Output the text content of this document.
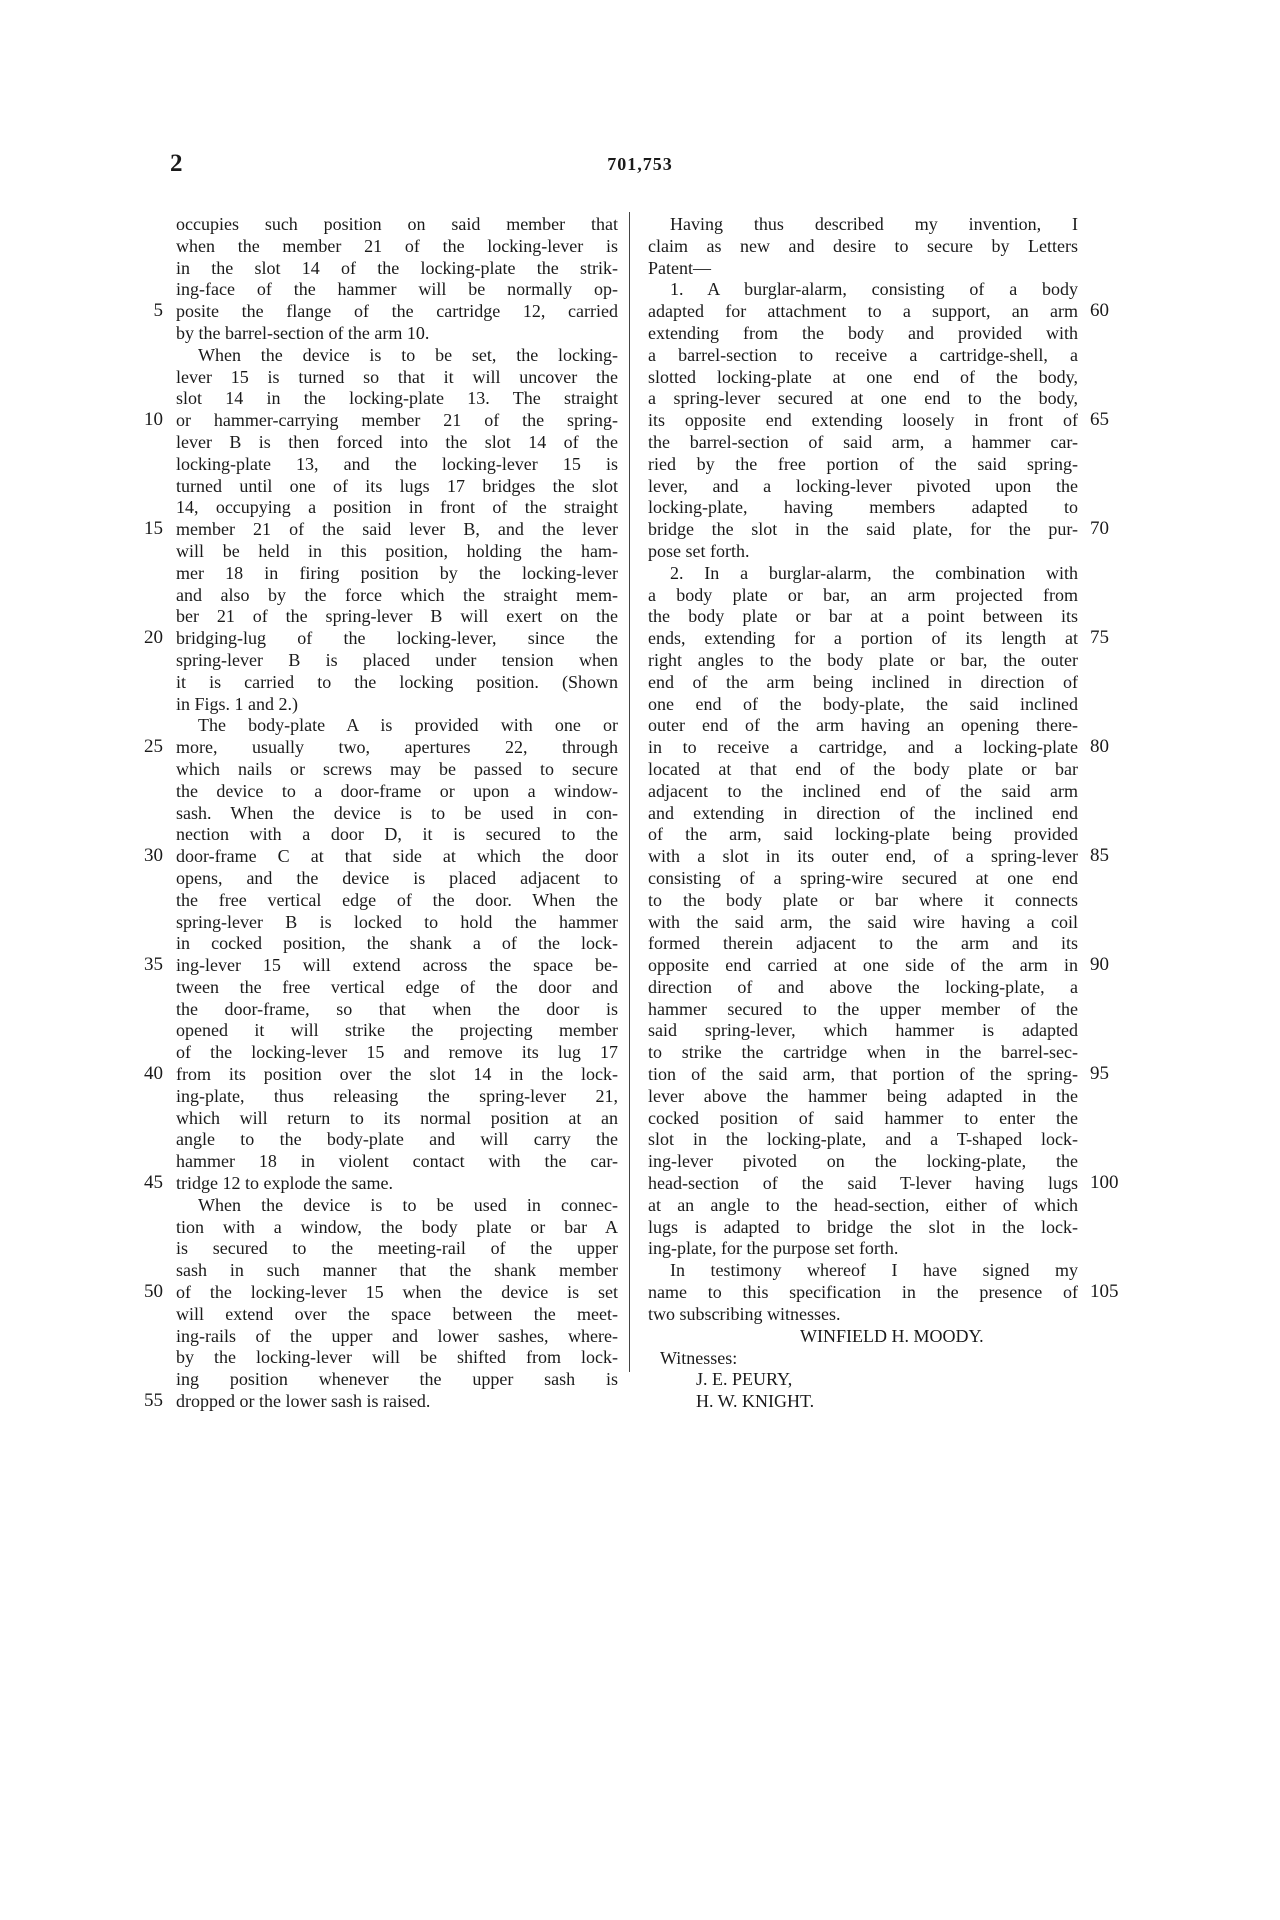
2	701,753
occupies such position on said member that
when the member 21 of the locking-lever is
in the slot 14 of the locking-plate the strik-
ing-face of the hammer will be normally op-
posite the flange of the cartridge 12, carried
by the barrel-section of the arm 10.
When the device is to be set, the locking-
lever 15 is turned so that it will uncover the
slot 14 in the locking-plate 13. The straight
or hammer-carrying member 21 of the spring-
lever B is then forced into the slot 14 of the
locking-plate 13, and the locking-lever 15 is
turned until one of its lugs 17 bridges the slot
14, occupying a position in front of the straight
member 21 of the said lever B, and the lever
will be held in this position, holding the ham-
mer 18 in firing position by the locking-lever
and also by the force which the straight mem-
ber 21 of the spring-lever B will exert on the
bridging-lug of the locking-lever, since the
spring-lever B is placed under tension when
it is carried to the locking position. (Shown
in Figs. 1 and 2.)
The body-plate A is provided with one or
more, usually two, apertures 22, through
which nails or screws may be passed to secure
the device to a door-frame or upon a window-
sash. When the device is to be used in con-
nection with a door D, it is secured to the
door-frame C at that side at which the door
opens, and the device is placed adjacent to
the free vertical edge of the door. When the
spring-lever B is locked to hold the hammer
in cocked position, the shank a of the lock-
ing-lever 15 will extend across the space be-
tween the free vertical edge of the door and
the door-frame, so that when the door is
opened it will strike the projecting member
of the locking-lever 15 and remove its lug 17
from its position over the slot 14 in the lock-
ing-plate, thus releasing the spring-lever 21,
which will return to its normal position at an
angle to the body-plate and will carry the
hammer 18 in violent contact with the car-
tridge 12 to explode the same.
When the device is to be used in connec-
tion with a window, the body plate or bar A
is secured to the meeting-rail of the upper
sash in such manner that the shank member
of the locking-lever 15 when the device is set
will extend over the space between the meet-
ing-rails of the upper and lower sashes, where-
by the locking-lever will be shifted from lock-
ing position whenever the upper sash is
dropped or the lower sash is raised.
Having thus described my invention, I
claim as new and desire to secure by Letters
Patent—
1. A burglar-alarm, consisting of a body
adapted for attachment to a support, an arm
extending from the body and provided with
a barrel-section to receive a cartridge-shell, a
slotted locking-plate at one end of the body,
a spring-lever secured at one end to the body,
its opposite end extending loosely in front of
the barrel-section of said arm, a hammer car-
ried by the free portion of the said spring-
lever, and a locking-lever pivoted upon the
locking-plate, having members adapted to
bridge the slot in the said plate, for the pur-
pose set forth.
2. In a burglar-alarm, the combination with
a body plate or bar, an arm projected from
the body plate or bar at a point between its
ends, extending for a portion of its length at
right angles to the body plate or bar, the outer
end of the arm being inclined in direction of
one end of the body-plate, the said inclined
outer end of the arm having an opening there-
in to receive a cartridge, and a locking-plate
located at that end of the body plate or bar
adjacent to the inclined end of the said arm
and extending in direction of the inclined end
of the arm, said locking-plate being provided
with a slot in its outer end, of a spring-lever
consisting of a spring-wire secured at one end
to the body plate or bar where it connects
with the said arm, the said wire having a coil
formed therein adjacent to the arm and its
opposite end carried at one side of the arm in
direction of and above the locking-plate, a
hammer secured to the upper member of the
said spring-lever, which hammer is adapted
to strike the cartridge when in the barrel-sec-
tion of the said arm, that portion of the spring-
lever above the hammer being adapted in the
cocked position of said hammer to enter the
slot in the locking-plate, and a T-shaped lock-
ing-lever pivoted on the locking-plate, the
head-section of the said T-lever having lugs
at an angle to the head-section, either of which
lugs is adapted to bridge the slot in the lock-
ing-plate, for the purpose set forth.
In testimony whereof I have signed my
name to this specification in the presence of
two subscribing witnesses.
WINFIELD H. MOODY.
Witnesses:
J. E. PEURY,
H. W. KNIGHT.
5
10
15
20
25
30
35
40
45
50
55
60
65
70
75
80
85
90
95
100
105
